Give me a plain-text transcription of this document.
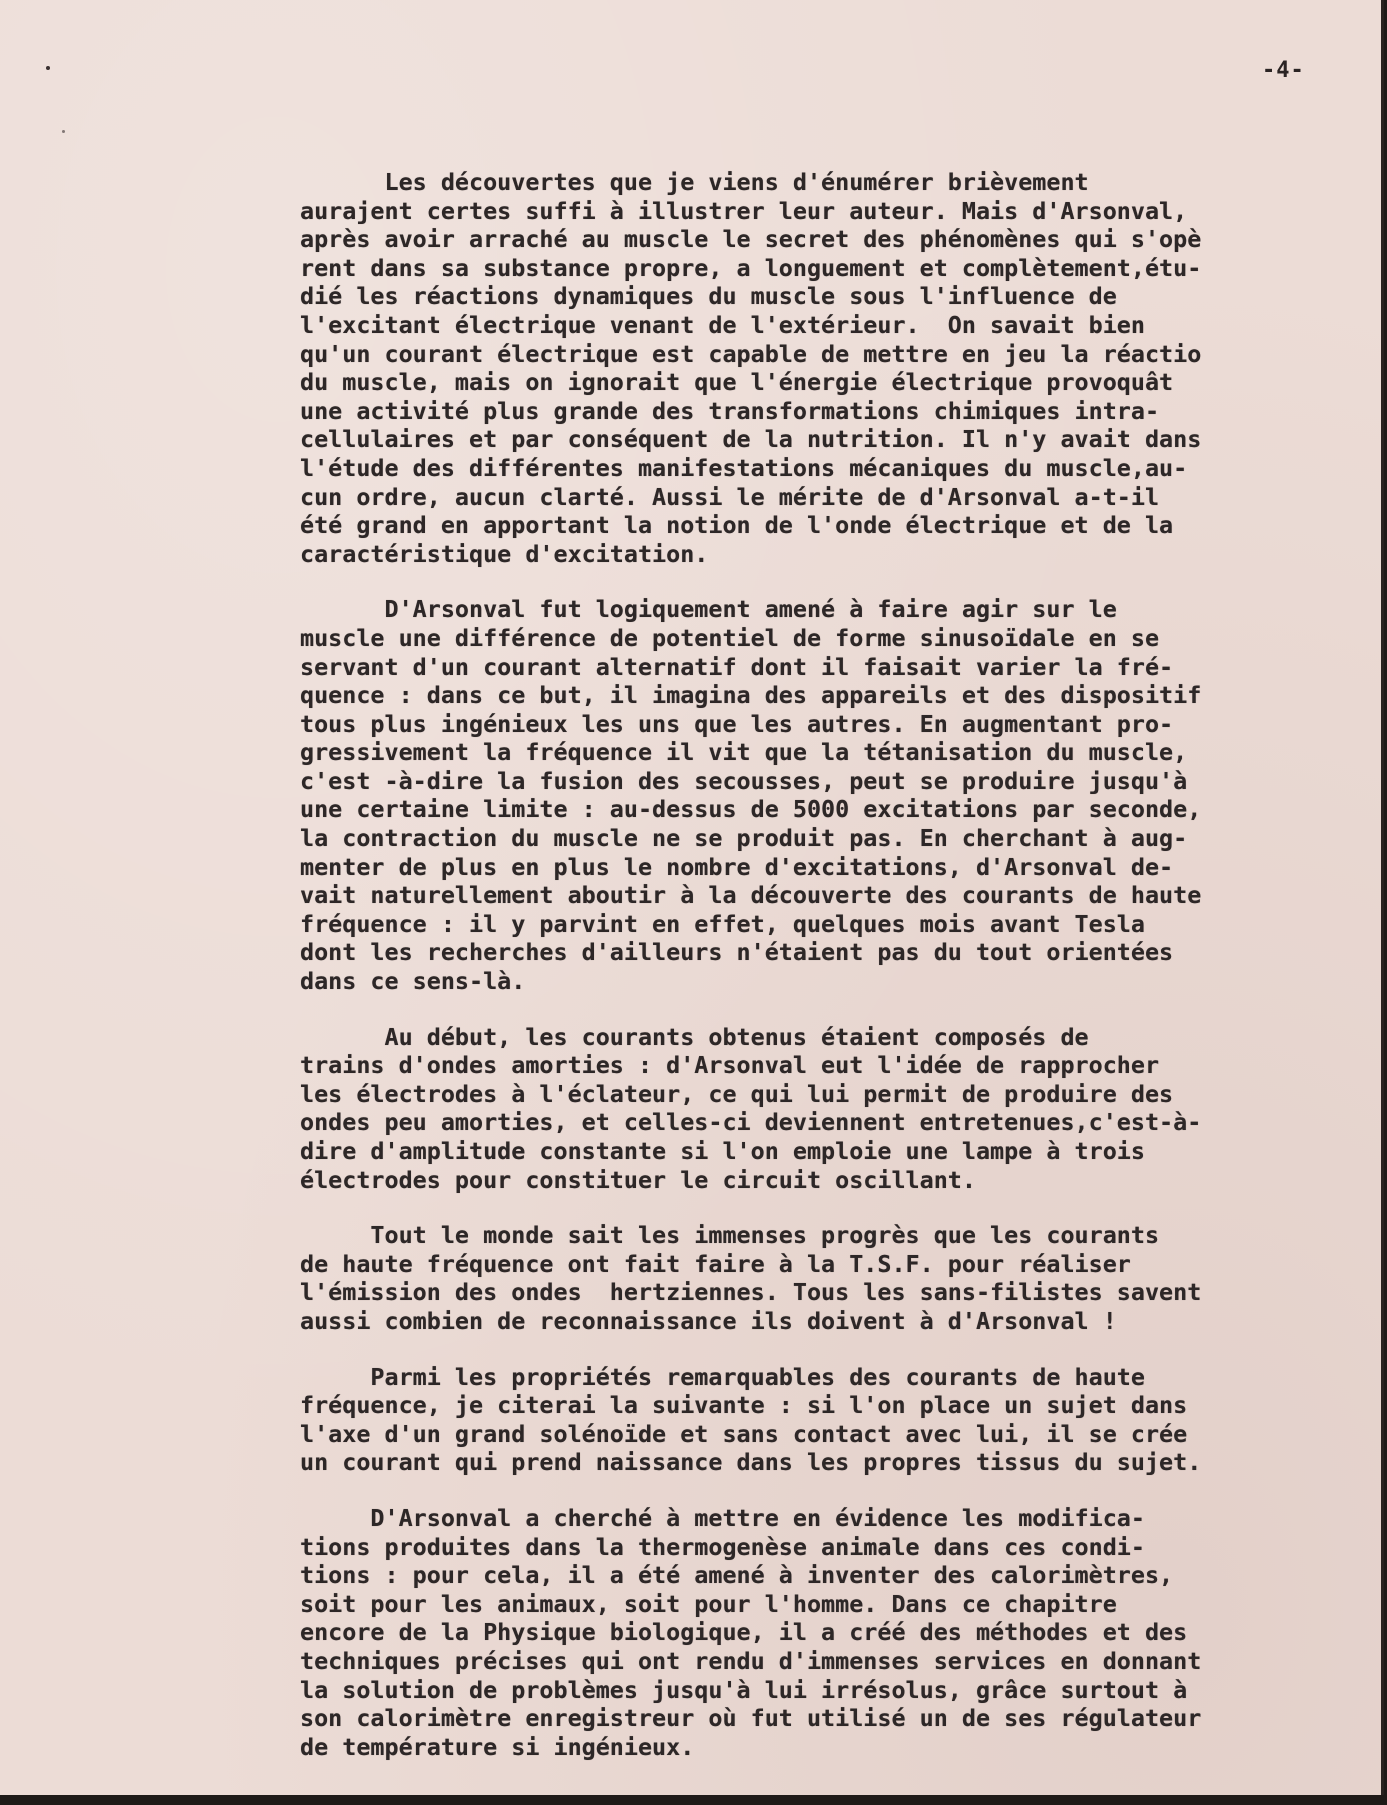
-4-
Les découvertes que je viens d'énumérer brièvement
aurajent certes suffi à illustrer leur auteur. Mais d'Arsonval,
après avoir arraché au muscle le secret des phénomènes qui s'opè
rent dans sa substance propre, a longuement et complètement,étu-
dié les réactions dynamiques du muscle sous l'influence de
l'excitant électrique venant de l'extérieur.  On savait bien
qu'un courant électrique est capable de mettre en jeu la réactio
du muscle, mais on ignorait que l'énergie électrique provoquât
une activité plus grande des transformations chimiques intra-
cellulaires et par conséquent de la nutrition. Il n'y avait dans
l'étude des différentes manifestations mécaniques du muscle,au-
cun ordre, aucun clarté. Aussi le mérite de d'Arsonval a-t-il
été grand en apportant la notion de l'onde électrique et de la
caractéristique d'excitation.
D'Arsonval fut logiquement amené à faire agir sur le
muscle une différence de potentiel de forme sinusoïdale en se
servant d'un courant alternatif dont il faisait varier la fré-
quence : dans ce but, il imagina des appareils et des dispositif
tous plus ingénieux les uns que les autres. En augmentant pro-
gressivement la fréquence il vit que la tétanisation du muscle,
c'est -à-dire la fusion des secousses, peut se produire jusqu'à
une certaine limite : au-dessus de 5000 excitations par seconde,
la contraction du muscle ne se produit pas. En cherchant à aug-
menter de plus en plus le nombre d'excitations, d'Arsonval de-
vait naturellement aboutir à la découverte des courants de haute
fréquence : il y parvint en effet, quelques mois avant Tesla
dont les recherches d'ailleurs n'étaient pas du tout orientées
dans ce sens-là.
Au début, les courants obtenus étaient composés de
trains d'ondes amorties : d'Arsonval eut l'idée de rapprocher
les électrodes à l'éclateur, ce qui lui permit de produire des
ondes peu amorties, et celles-ci deviennent entretenues,c'est-à-
dire d'amplitude constante si l'on emploie une lampe à trois
électrodes pour constituer le circuit oscillant.
Tout le monde sait les immenses progrès que les courants
de haute fréquence ont fait faire à la T.S.F. pour réaliser
l'émission des ondes  hertziennes. Tous les sans-filistes savent
aussi combien de reconnaissance ils doivent à d'Arsonval !
Parmi les propriétés remarquables des courants de haute
fréquence, je citerai la suivante : si l'on place un sujet dans
l'axe d'un grand solénoïde et sans contact avec lui, il se crée
un courant qui prend naissance dans les propres tissus du sujet.
D'Arsonval a cherché à mettre en évidence les modifica-
tions produites dans la thermogenèse animale dans ces condi-
tions : pour cela, il a été amené à inventer des calorimètres,
soit pour les animaux, soit pour l'homme. Dans ce chapitre
encore de la Physique biologique, il a créé des méthodes et des
techniques précises qui ont rendu d'immenses services en donnant
la solution de problèmes jusqu'à lui irrésolus, grâce surtout à
son calorimètre enregistreur où fut utilisé un de ses régulateur
de température si ingénieux.
